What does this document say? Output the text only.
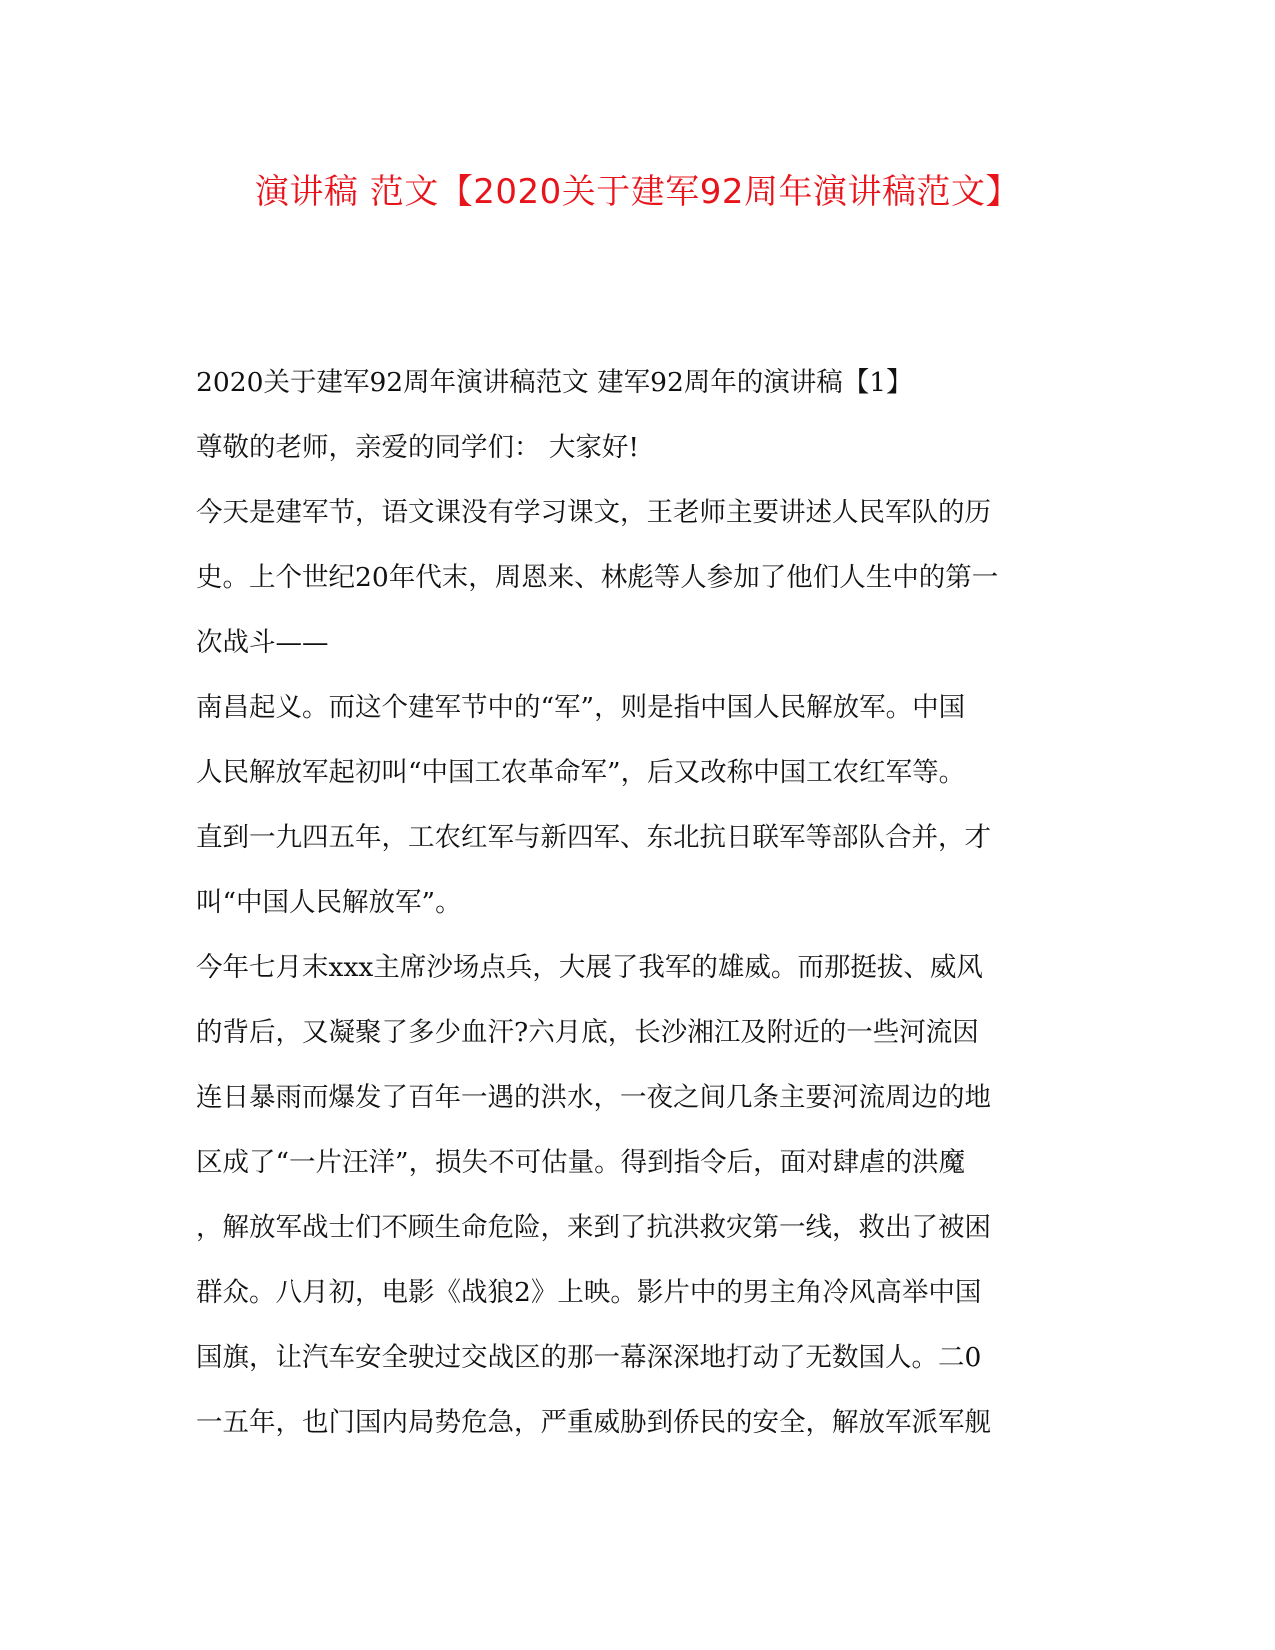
演讲稿 范文【2020关于建军92周年演讲稿范文】
2020关于建军92周年演讲稿范文 建军92周年的演讲稿【1】
尊敬的老师，亲爱的同学们： 大家好!
今天是建军节，语文课没有学习课文，王老师主要讲述人民军队的历
史。上个世纪20年代末，周恩来、林彪等人参加了他们人生中的第一
次战斗——
南昌起义。而这个建军节中的“军”，则是指中国人民解放军。中国
人民解放军起初叫“中国工农革命军”，后又改称中国工农红军等。
直到一九四五年，工农红军与新四军、东北抗日联军等部队合并，才
叫“中国人民解放军”。
今年七月末xxx主席沙场点兵，大展了我军的雄威。而那挺拔、威风
的背后，又凝聚了多少血汗?六月底，长沙湘江及附近的一些河流因
连日暴雨而爆发了百年一遇的洪水，一夜之间几条主要河流周边的地
区成了“一片汪洋”，损失不可估量。得到指令后，面对肆虐的洪魔
，解放军战士们不顾生命危险，来到了抗洪救灾第一线，救出了被困
群众。八月初，电影《战狼2》上映。影片中的男主角冷风高举中国
国旗，让汽车安全驶过交战区的那一幕深深地打动了无数国人。二0
一五年，也门国内局势危急，严重威胁到侨民的安全，解放军派军舰
